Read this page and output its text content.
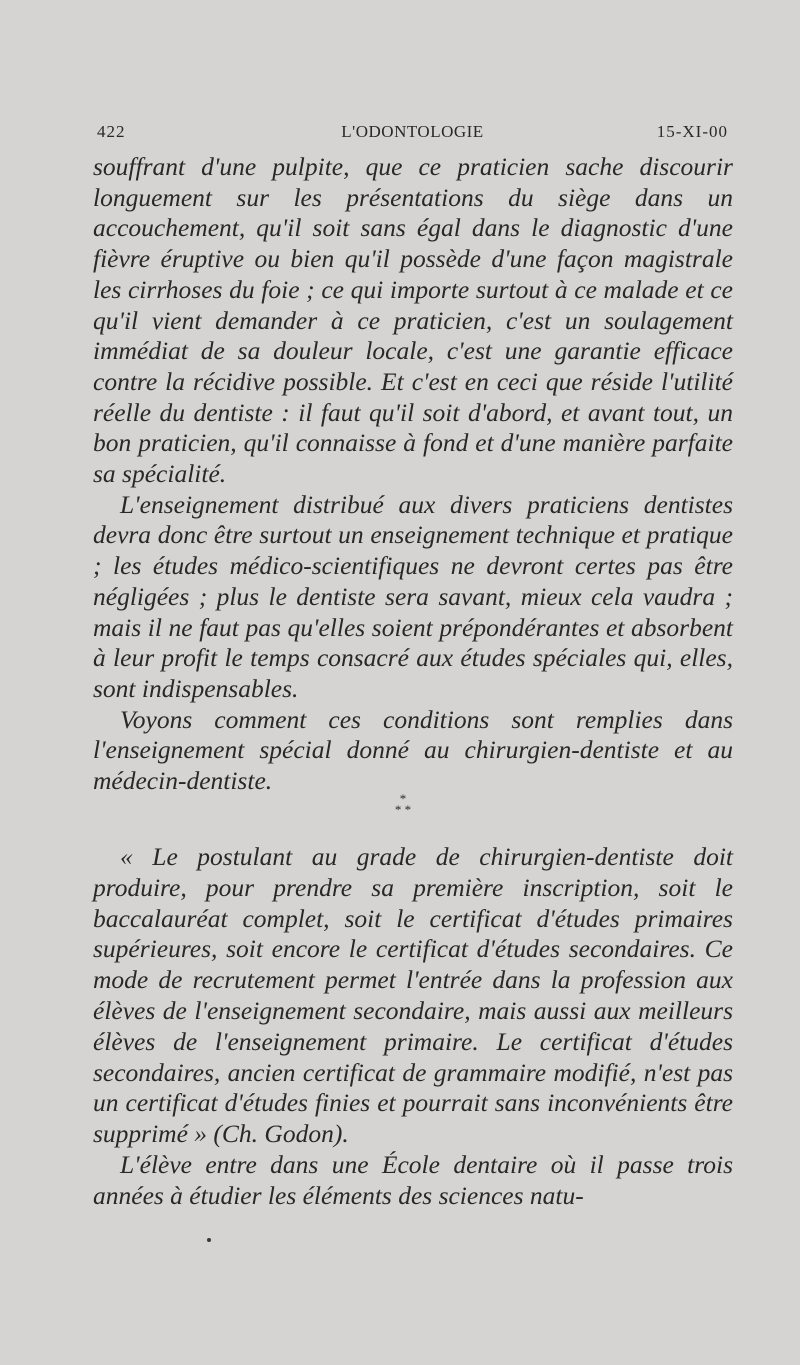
422	L'ODONTOLOGIE	15-XI-00

souffrant d'une pulpite, que ce praticien sache discourir longuement sur les présentations du siège dans un accouchement, qu'il soit sans égal dans le diagnostic d'une fièvre éruptive ou bien qu'il possède d'une façon magistrale les cirrhoses du foie ; ce qui importe surtout à ce malade et ce qu'il vient demander à ce praticien, c'est un soulagement immédiat de sa douleur locale, c'est une garantie efficace contre la récidive possible. Et c'est en ceci que réside l'utilité réelle du dentiste : il faut qu'il soit d'abord, et avant tout, un bon praticien, qu'il connaisse à fond et d'une manière parfaite sa spécialité.

L'enseignement distribué aux divers praticiens dentistes devra donc être surtout un enseignement technique et pratique ; les études médico-scientifiques ne devront certes pas être négligées ; plus le dentiste sera savant, mieux cela vaudra ; mais il ne faut pas qu'elles soient prépondérantes et absorbent à leur profit le temps consacré aux études spéciales qui, elles, sont indispensables.

Voyons comment ces conditions sont remplies dans l'enseignement spécial donné au chirurgien-dentiste et au médecin-dentiste.

*
* *

« Le postulant au grade de chirurgien-dentiste doit produire, pour prendre sa première inscription, soit le baccalauréat complet, soit le certificat d'études primaires supérieures, soit encore le certificat d'études secondaires. Ce mode de recrutement permet l'entrée dans la profession aux élèves de l'enseignement secondaire, mais aussi aux meilleurs élèves de l'enseignement primaire. Le certificat d'études secondaires, ancien certificat de grammaire modifié, n'est pas un certificat d'études finies et pourrait sans inconvénients être supprimé » (Ch. Godon).

L'élève entre dans une École dentaire où il passe trois années à étudier les éléments des sciences natu-
